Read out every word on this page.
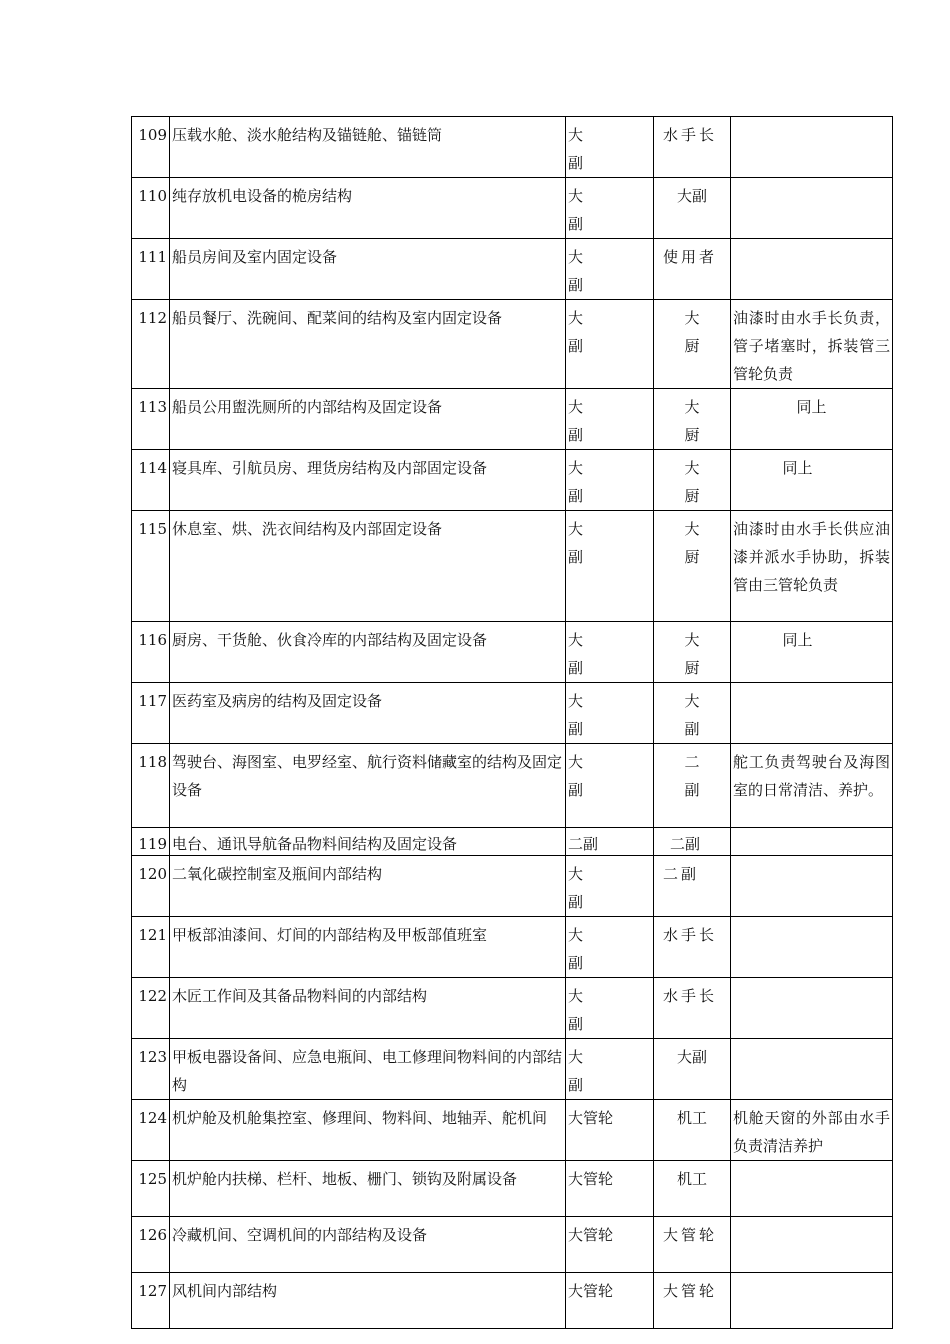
109	压载水舱、淡水舱结构及锚链舱、锚链筒	大副	水手长	

110	纯存放机电设备的桅房结构	大副	大副	
111	船员房间及室内固定设备	大副	使用者	

112	船员餐厅、洗碗间、配菜间的结构及室内固定设备	大副	大厨	油漆时由水手长负责，管子堵塞时，拆装管三管轮负责
113	船员公用盥洗厕所的内部结构及固定设备	大副	大厨	同上
114	寝具库、引航员房、理货房结构及内部固定设备	大副	大厨	同上
115	休息室、烘、洗衣间结构及内部固定设备	大副	大厨	油漆时由水手长供应油漆并派水手协助，拆装管由三管轮负责
116	厨房、干货舱、伙食冷库的内部结构及固定设备	大副	大厨	同上
117	医药室及病房的结构及固定设备	大副	大副	

118	驾驶台、海图室、电罗经室、航行资料储藏室的结构及固定设备	大副	二副	舵工负责驾驶台及海图室的日常清洁、养护。
119	电台、通讯导航备品物料间结构及固定设备	二副	二副	
120	二氧化碳控制室及瓶间内部结构	大副	二副	

121	甲板部油漆间、灯间的内部结构及甲板部值班室	大副	水手长	

122	木匠工作间及其备品物料间的内部结构	大副	水手长	

123	甲板电器设备间、应急电瓶间、电工修理间物料间的内部结构	大副	大副	
124	机炉舱及机舱集控室、修理间、物料间、地轴弄、舵机间	大管轮	机工	机舱天窗的外部由水手负责清洁养护
125	机炉舱内扶梯、栏杆、地板、栅门、锁钩及附属设备	大管轮	机工	
126	冷藏机间、空调机间的内部结构及设备	大管轮	大管轮	

127	风机间内部结构	大管轮	大管轮	
